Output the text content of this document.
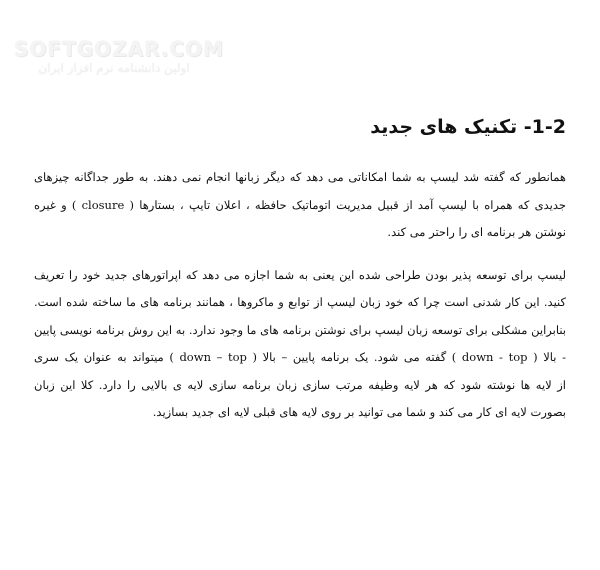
SOFTGOZAR.COM
اولین دانشنامه نرم افزار ایران
1-2- تکنیک های جدید

همانطور که گفته شد لیسپ به شما امکاناتی می دهد که دیگر زبانها انجام نمی دهند. به طور جداگانه چیزهای
جدیدی که همراه با لیسپ آمد از قبیل مدیریت اتوماتیک حافظه ، اعلان تایپ ، بستارها ( closure ) و غیره
نوشتن هر برنامه ای را راحتر می کند.

لیسپ برای توسعه پذیر بودن طراحی شده این یعنی به شما اجازه می دهد که اپراتورهای جدید خود را تعریف
کنید. این کار شدنی است چرا که خود زبان لیسپ از توابع و ماکروها ، همانند برنامه های ما ساخته شده است.
بنابراین مشکلی برای توسعه زبان لیسپ برای نوشتن برنامه های ما وجود ندارد. به این روش برنامه نویسی پایین
- بالا ( down - top ) گفته می شود. یک برنامه پایین – بالا ( down – top ) میتواند به عنوان یک سری
از لایه ها نوشته شود که هر لایه وظیفه مرتب سازی زبان برنامه سازی لایه ی بالایی را دارد. کلا این زبان
بصورت لایه ای کار می کند و شما می توانید بر روی لایه های قبلی لایه ای جدید بسازید.
